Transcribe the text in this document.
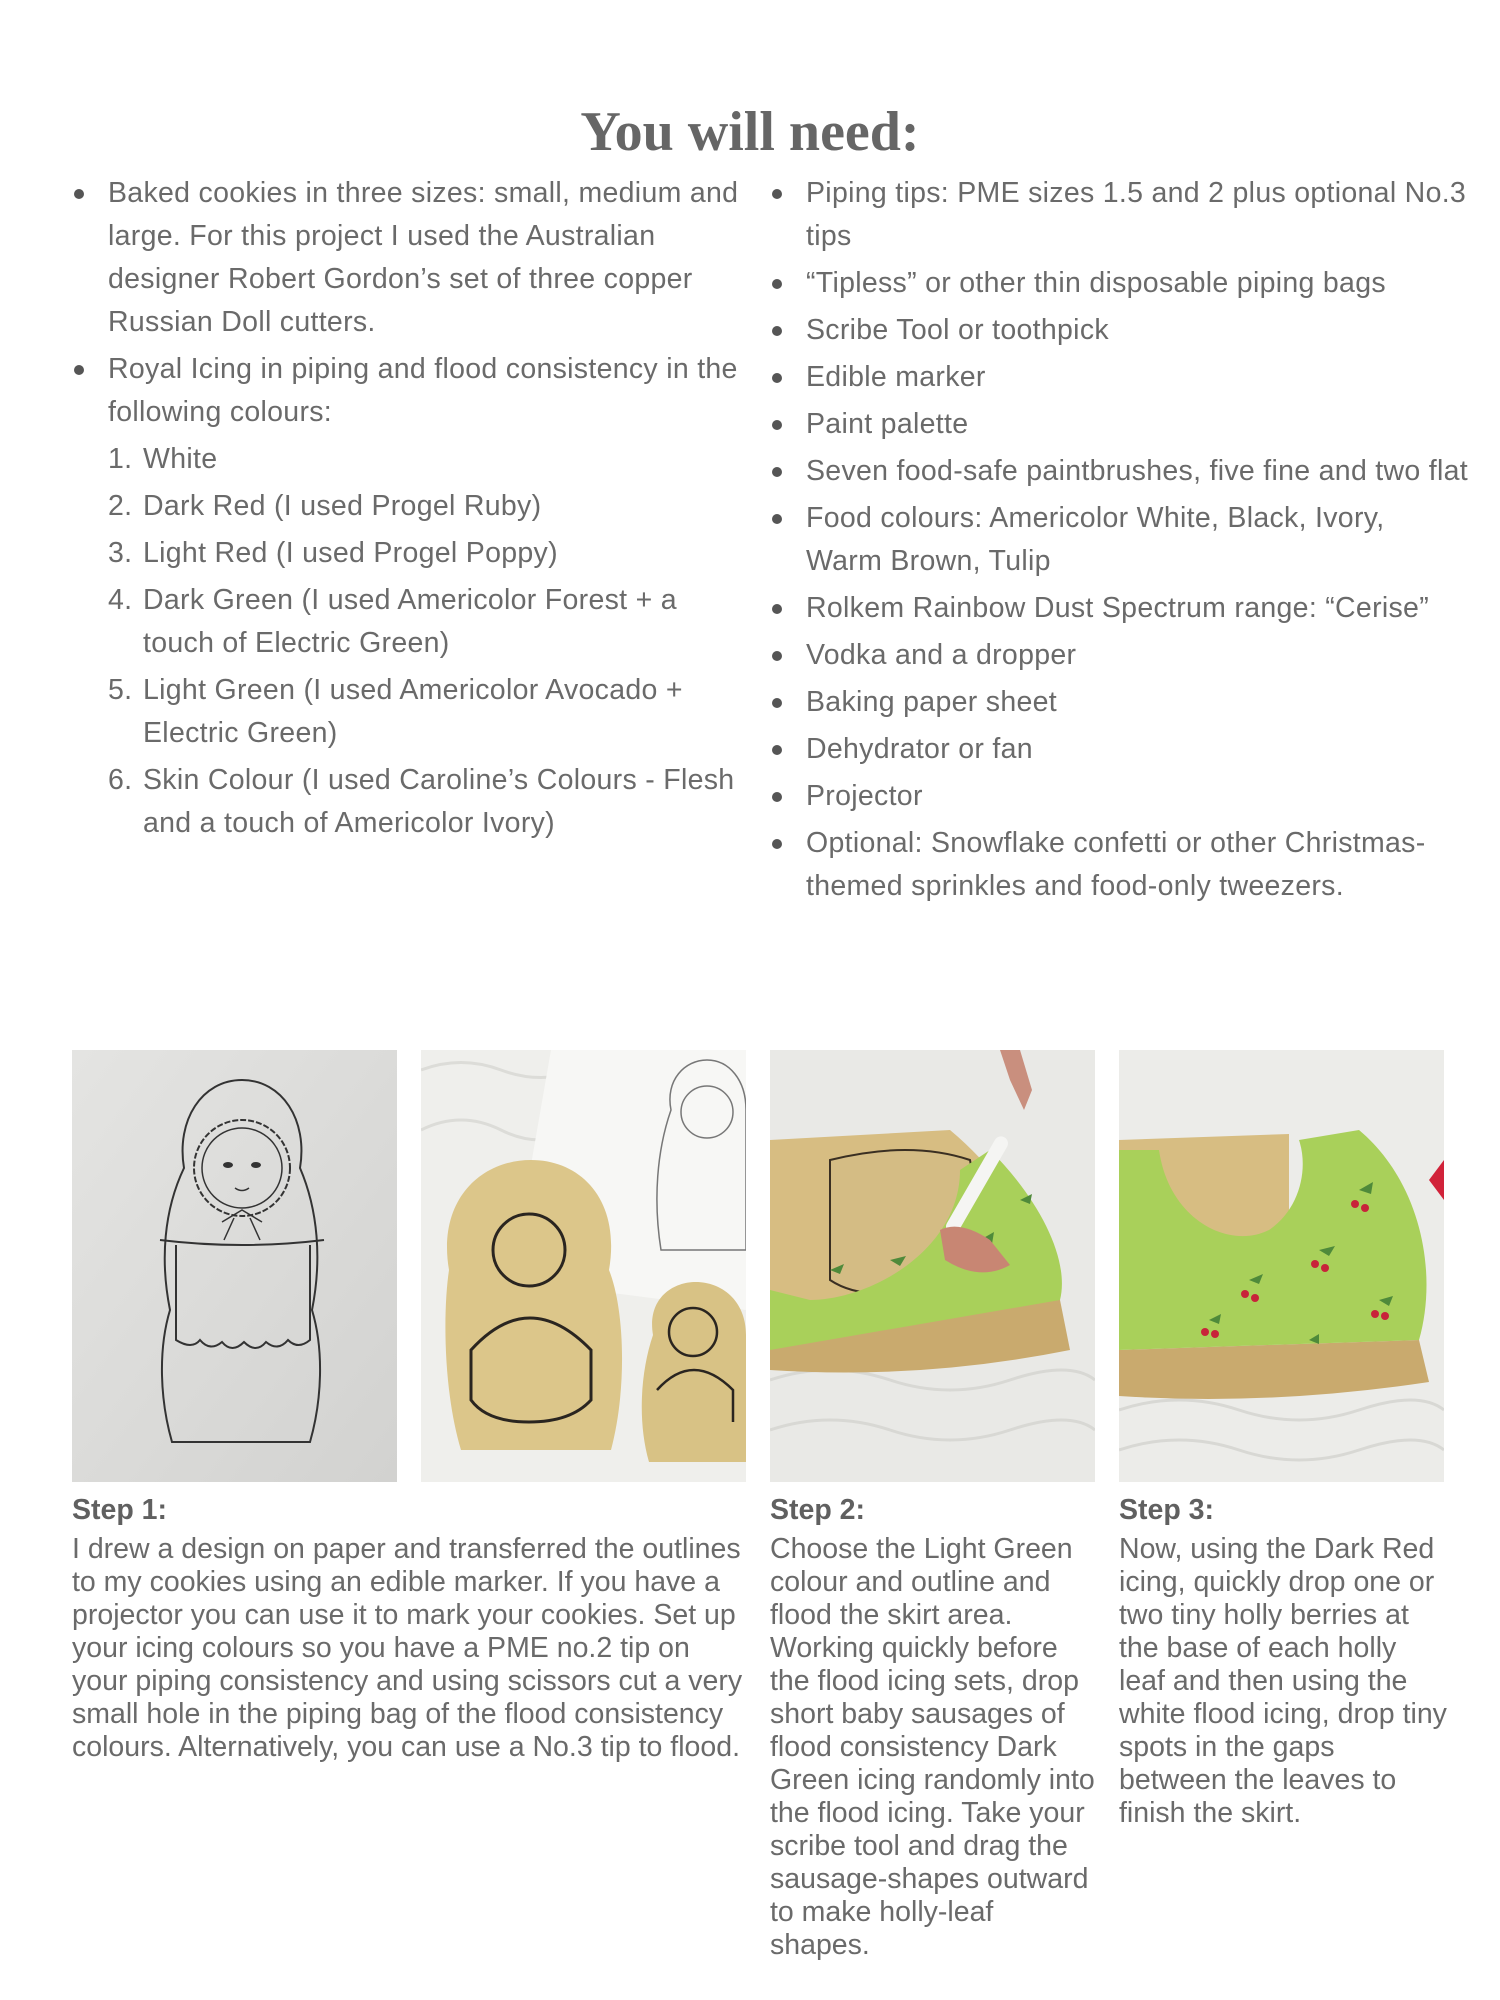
You will need:
Baked cookies in three sizes: small, medium and large. For this project I used the Australian designer Robert Gordon’s set of three copper Russian Doll cutters.
Royal Icing in piping and flood consistency in the following colours:
1. White
2. Dark Red (I used Progel Ruby)
3. Light Red (I used Progel Poppy)
4. Dark Green (I used Americolor Forest + a touch of Electric Green)
5. Light Green (I used Americolor Avocado + Electric Green)
6. Skin Colour (I used Caroline’s Colours - Flesh and a touch of Americolor Ivory)
Piping tips: PME sizes 1.5 and 2 plus optional No.3 tips
“Tipless” or other thin disposable piping bags
Scribe Tool or toothpick
Edible marker
Paint palette
Seven food-safe paintbrushes, five fine and two flat
Food colours: Americolor White, Black, Ivory, Warm Brown, Tulip
Rolkem Rainbow Dust Spectrum range: “Cerise”
Vodka and a dropper
Baking paper sheet
Dehydrator or fan
Projector
Optional: Snowflake confetti or other Christmas-themed sprinkles and food-only tweezers.
Step 1:

I drew a design on paper and transferred the outlines to my cookies using an edible marker. If you have a projector you can use it to mark your cookies. Set up your icing colours so you have a PME no.2 tip on your piping consistency and using scissors cut a very small hole in the piping bag of the flood consistency colours. Alternatively, you can use a No.3 tip to flood.

Step 2:

Choose the Light Green colour and outline and flood the skirt area. Working quickly before the flood icing sets, drop short baby sausages of flood consistency Dark Green icing randomly into the flood icing. Take your scribe tool and drag the sausage-shapes outward to make holly-leaf shapes.

Step 3:

Now, using the Dark Red icing, quickly drop one or two tiny holly berries at the base of each holly leaf and then using the white flood icing, drop tiny spots in the gaps between the leaves to finish the skirt.
